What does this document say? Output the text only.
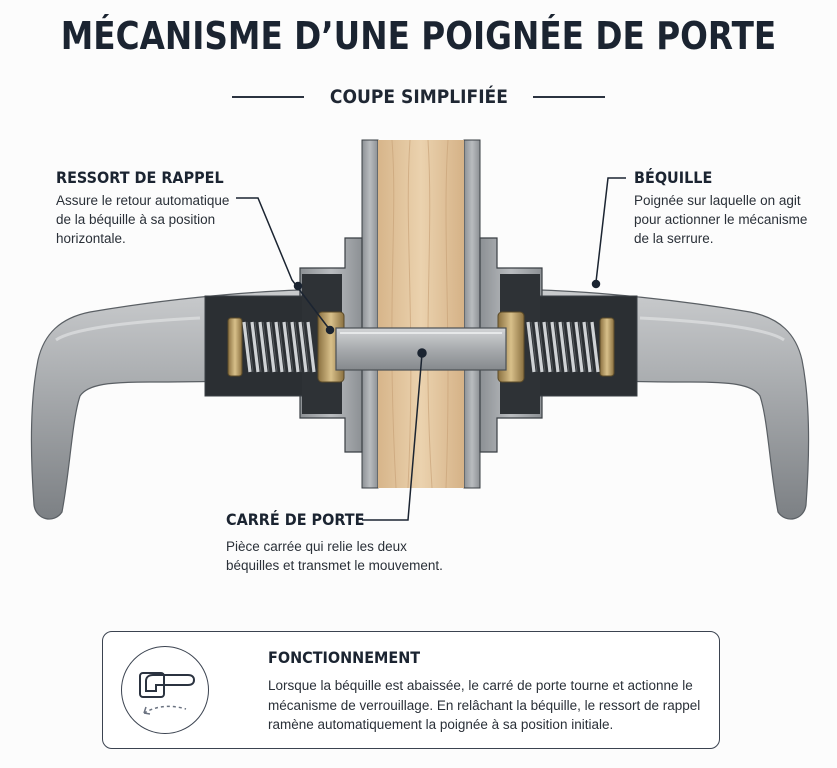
MÉCANISME D’UNE POIGNÉE DE PORTE
COUPE SIMPLIFIÉE
RESSORT DE RAPPEL
Assure le retour automatique
de la béquille à sa position
horizontale.
BÉQUILLE
Poignée sur laquelle on agit
pour actionner le mécanisme
de la serrure.
CARRÉ DE PORTE
Pièce carrée qui relie les deux
béquilles et transmet le mouvement.
FONCTIONNEMENT
Lorsque la béquille est abaissée, le carré de porte tourne et actionne le
mécanisme de verrouillage. En relâchant la béquille, le ressort de rappel
ramène automatiquement la poignée à sa position initiale.
